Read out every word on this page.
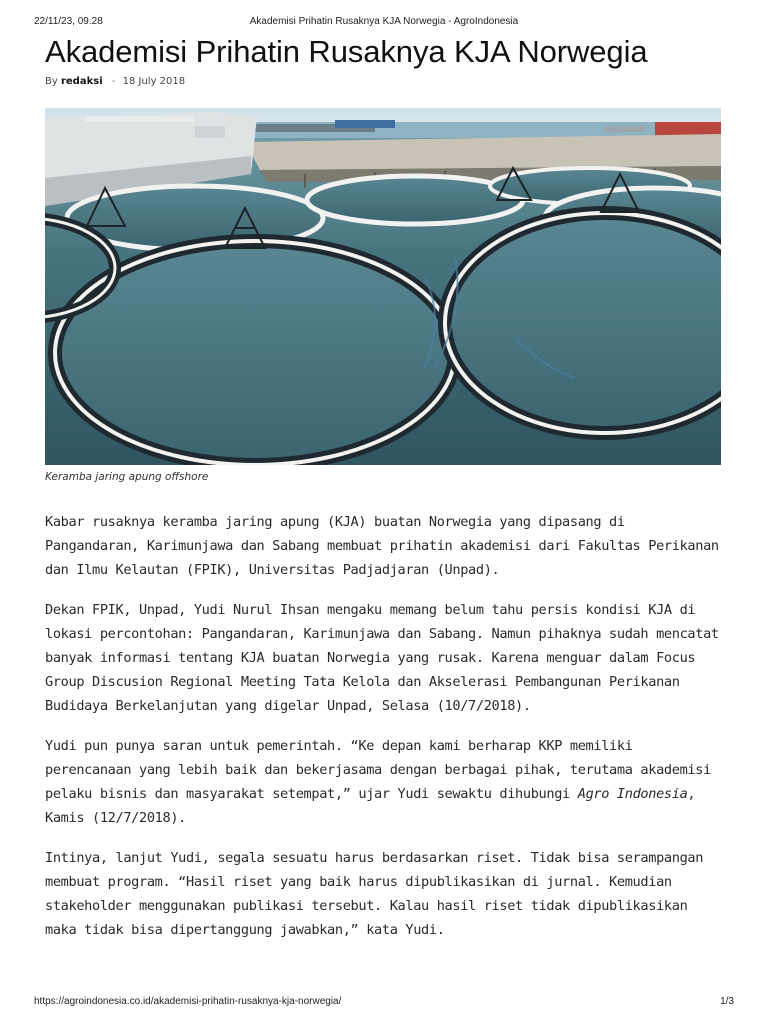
22/11/23, 09.28	Akademisi Prihatin Rusaknya KJA Norwegia - AgroIndonesia
Akademisi Prihatin Rusaknya KJA Norwegia
By redaksi - 18 July 2018
Keramba jaring apung offshore

Kabar rusaknya keramba jaring apung (KJA) buatan Norwegia yang dipasang di Pangandaran, Karimunjawa dan Sabang membuat prihatin akademisi dari Fakultas Perikanan dan Ilmu Kelautan (FPIK), Universitas Padjadjaran (Unpad).

Dekan FPIK, Unpad, Yudi Nurul Ihsan mengaku memang belum tahu persis kondisi KJA di lokasi percontohan: Pangandaran, Karimunjawa dan Sabang. Namun pihaknya sudah mencatat banyak informasi tentang KJA buatan Norwegia yang rusak. Karena menguar dalam Focus Group Discusion Regional Meeting Tata Kelola dan Akselerasi Pembangunan Perikanan Budidaya Berkelanjutan yang digelar Unpad, Selasa (10/7/2018).

Yudi pun punya saran untuk pemerintah. “Ke depan kami berharap KKP memiliki perencanaan yang lebih baik dan bekerjasama dengan berbagai pihak, terutama akademisi pelaku bisnis dan masyarakat setempat,” ujar Yudi sewaktu dihubungi Agro Indonesia, Kamis (12/7/2018).

Intinya, lanjut Yudi, segala sesuatu harus berdasarkan riset. Tidak bisa serampangan membuat program. “Hasil riset yang baik harus dipublikasikan di jurnal. Kemudian stakeholder menggunakan publikasi tersebut. Kalau hasil riset tidak dipublikasikan maka tidak bisa dipertanggung jawabkan,” kata Yudi.

https://agroindonesia.co.id/akademisi-prihatin-rusaknya-kja-norwegia/	1/3
